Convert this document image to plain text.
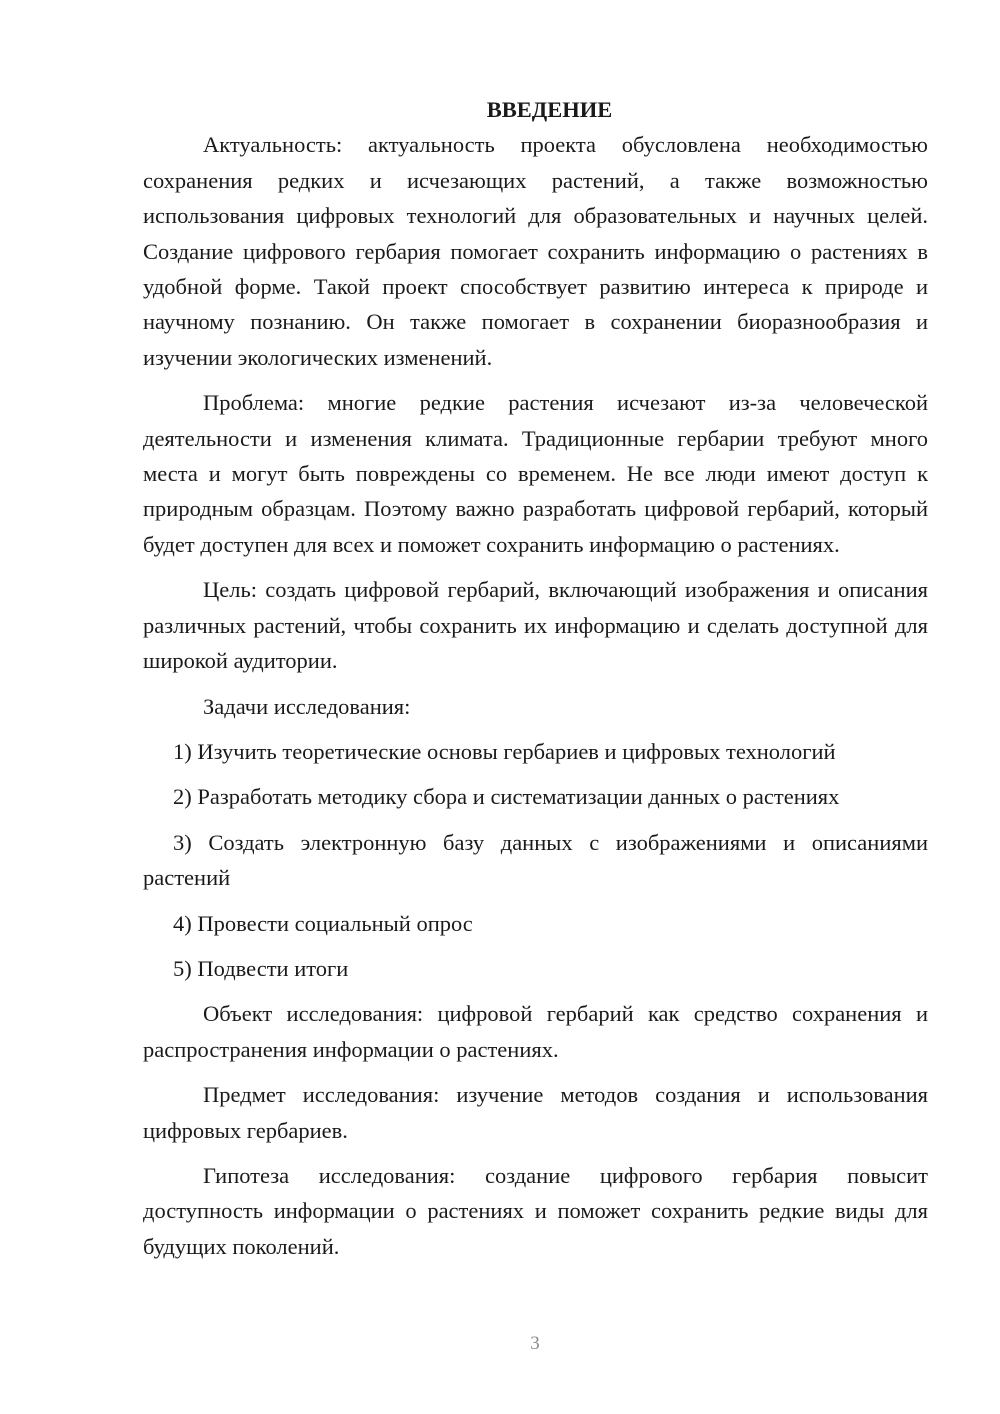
ВВЕДЕНИЕ

Актуальность: актуальность проекта обусловлена необходимостью сохранения редких и исчезающих растений, а также возможностью использования цифровых технологий для образовательных и научных целей. Создание цифрового гербария помогает сохранить информацию о растениях в удобной форме. Такой проект способствует развитию интереса к природе и научному познанию. Он также помогает в сохранении биоразнообразия и изучении экологических изменений.

Проблема: многие редкие растения исчезают из-за человеческой деятельности и изменения климата. Традиционные гербарии требуют много места и могут быть повреждены со временем. Не все люди имеют доступ к природным образцам. Поэтому важно разработать цифровой гербарий, который будет доступен для всех и поможет сохранить информацию о растениях.

Цель: создать цифровой гербарий, включающий изображения и описания различных растений, чтобы сохранить их информацию и сделать доступной для широкой аудитории.

Задачи исследования:

1) Изучить теоретические основы гербариев и цифровых технологий

2) Разработать методику сбора и систематизации данных о растениях

3) Создать электронную базу данных с изображениями и описаниями растений

4) Провести социальный опрос

5) Подвести итоги

Объект исследования: цифровой гербарий как средство сохранения и распространения информации о растениях.

Предмет исследования: изучение методов создания и использования цифровых гербариев.

Гипотеза исследования: создание цифрового гербария повысит доступность информации о растениях и поможет сохранить редкие виды для будущих поколений.

3
